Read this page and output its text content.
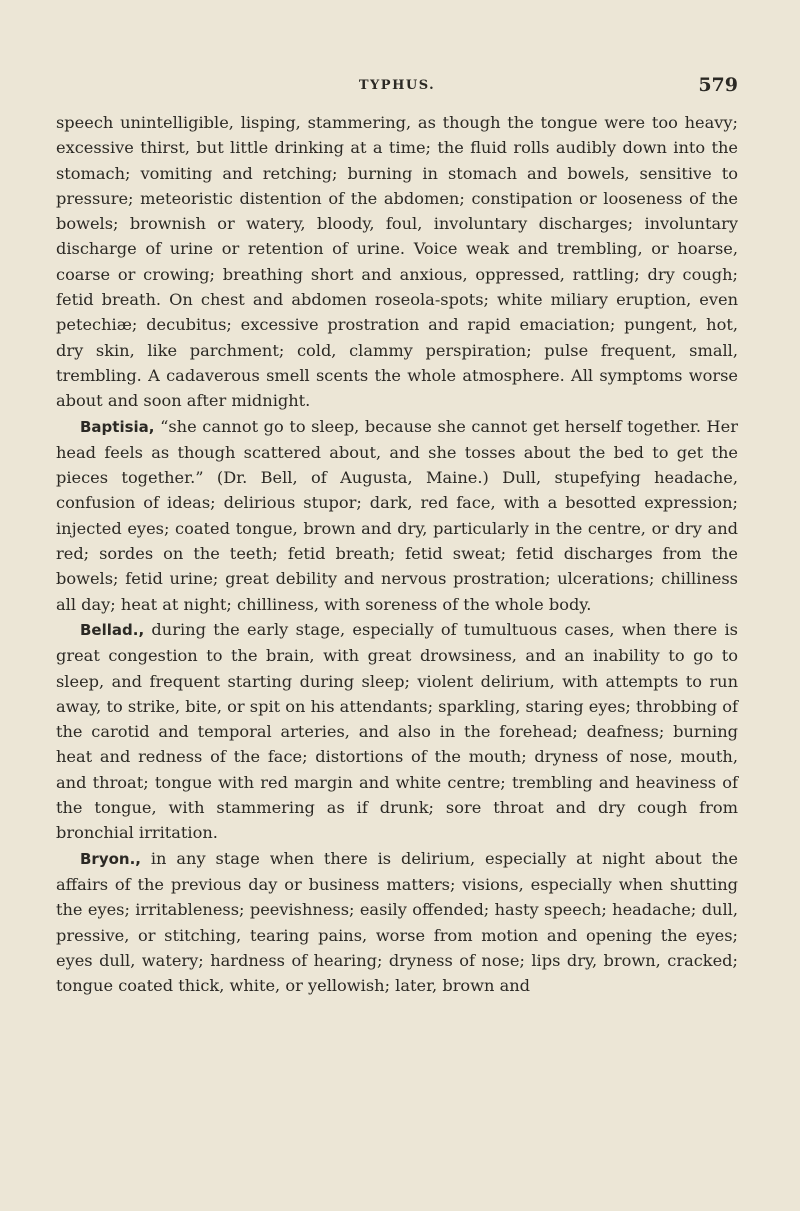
TYPHUS.	579

speech unintelligible, lisping, stammering, as though the tongue were too heavy; excessive thirst, but little drinking at a time; the fluid rolls audibly down into the stomach; vomiting and retching; burning in stomach and bowels, sensitive to pressure; meteoristic distention of the abdomen; constipation or looseness of the bowels; brownish or watery, bloody, foul, involuntary discharges; involuntary discharge of urine or retention of urine. Voice weak and trembling, or hoarse, coarse or crowing; breathing short and anxious, oppressed, rattling; dry cough; fetid breath. On chest and abdomen roseola-spots; white miliary eruption, even petechiæ; decubitus; excessive prostration and rapid emaciation; pungent, hot, dry skin, like parchment; cold, clammy perspiration; pulse frequent, small, trembling. A cadaverous smell scents the whole atmosphere. All symptoms worse about and soon after midnight.

Baptisia, “she cannot go to sleep, because she cannot get herself together. Her head feels as though scattered about, and she tosses about the bed to get the pieces together.” (Dr. Bell, of Augusta, Maine.) Dull, stupefying headache, confusion of ideas; delirious stupor; dark, red face, with a besotted expression; injected eyes; coated tongue, brown and dry, particularly in the centre, or dry and red; sordes on the teeth; fetid breath; fetid sweat; fetid discharges from the bowels; fetid urine; great debility and nervous prostration; ulcerations; chilliness all day; heat at night; chilliness, with soreness of the whole body.

Bellad., during the early stage, especially of tumultuous cases, when there is great congestion to the brain, with great drowsiness, and an inability to go to sleep, and frequent starting during sleep; violent delirium, with attempts to run away, to strike, bite, or spit on his attendants; sparkling, staring eyes; throbbing of the carotid and temporal arteries, and also in the forehead; deafness; burning heat and redness of the face; distortions of the mouth; dryness of nose, mouth, and throat; tongue with red margin and white centre; trembling and heaviness of the tongue, with stammering as if drunk; sore throat and dry cough from bronchial irritation.

Bryon., in any stage when there is delirium, especially at night about the affairs of the previous day or business matters; visions, especially when shutting the eyes; irritableness; peevishness; easily offended; hasty speech; headache; dull, pressive, or stitching, tearing pains, worse from motion and opening the eyes; eyes dull, watery; hardness of hearing; dryness of nose; lips dry, brown, cracked; tongue coated thick, white, or yellowish; later, brown and
